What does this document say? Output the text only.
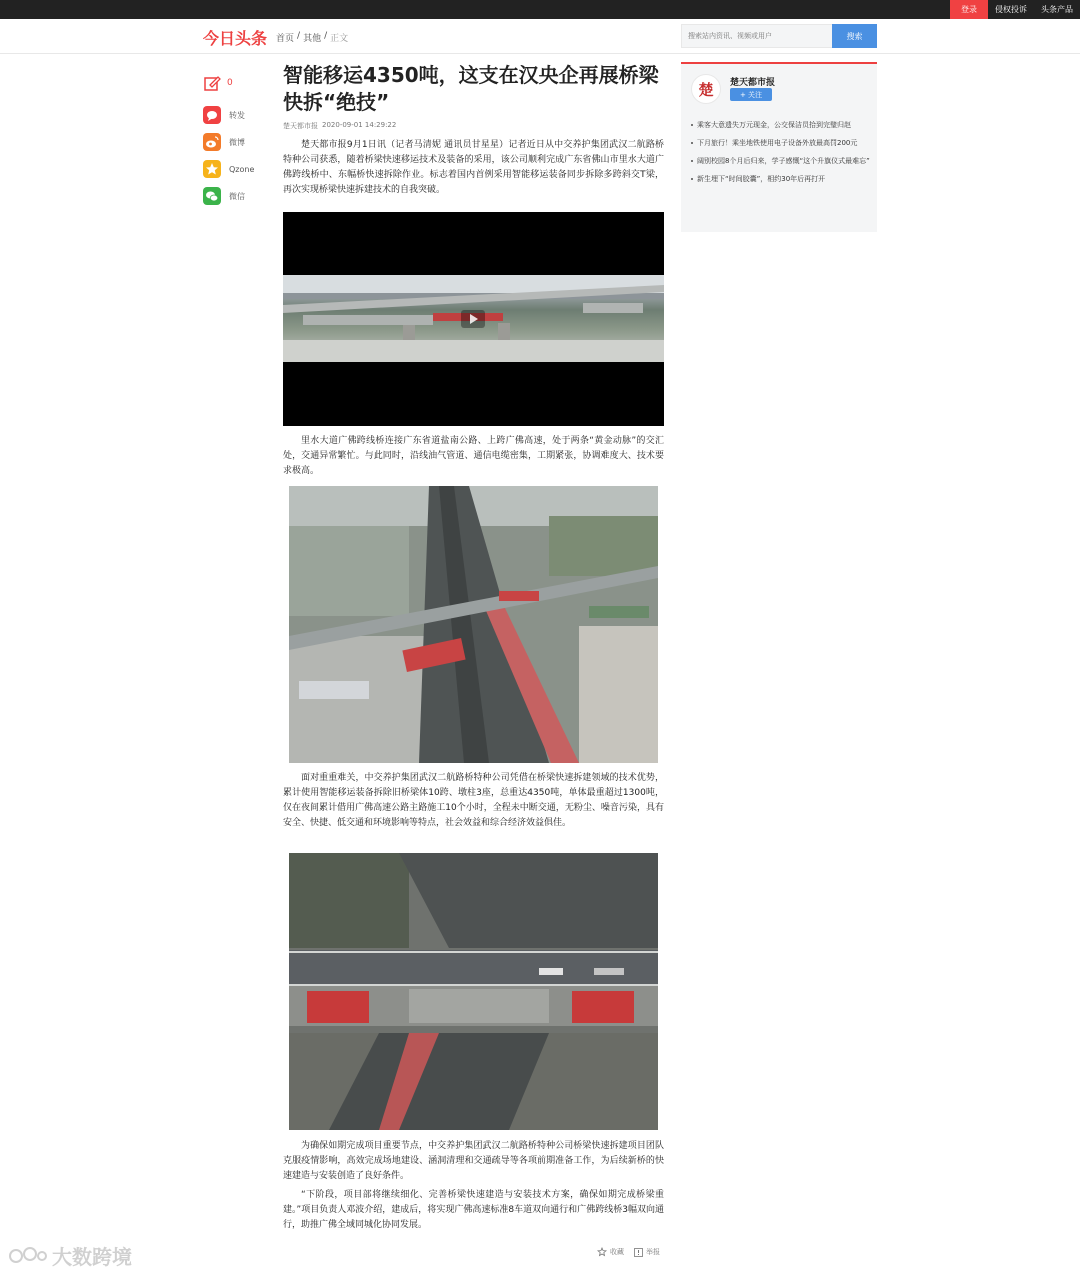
登录	侵权投诉	头条产品
今日头条 首页 / 其他 / 正文
搜索站内资讯、视频或用户	搜索
0
转发
微博
Qzone
微信
智能移运4350吨，这支在汉央企再展桥梁快拆“绝技”
楚天都市报 2020-09-01 14:29:22

楚天都市报9月1日讯（记者马清妮 通讯员甘星星）记者近日从中交养护集团武汉二航路桥特种公司获悉，随着桥梁快速移运技术及装备的采用，该公司顺利完成广东省佛山市里水大道广佛跨线桥中、东幅桥快速拆除作业。标志着国内首例采用智能移运装备同步拆除多跨斜交T梁，再次实现桥梁快速拆建技术的自我突破。

里水大道广佛跨线桥连接广东省道盐南公路、上跨广佛高速，处于两条“黄金动脉”的交汇处，交通异常繁忙。与此同时，沿线油气管道、通信电缆密集，工期紧张，协调难度大、技术要求极高。

面对重重难关，中交养护集团武汉二航路桥特种公司凭借在桥梁快速拆建领域的技术优势，累计使用智能移运装备拆除旧桥梁体10跨、墩柱3座，总重达4350吨，单体最重超过1300吨，仅在夜间累计借用广佛高速公路主路施工10个小时，全程未中断交通，无粉尘、噪音污染，具有安全、快捷、低交通和环境影响等特点，社会效益和综合经济效益俱佳。

为确保如期完成项目重要节点，中交养护集团武汉二航路桥特种公司桥梁快速拆建项目团队克服疫情影响，高效完成场地建设、涵洞清理和交通疏导等各项前期准备工作，为后续新桥的快速建造与安装创造了良好条件。

“下阶段，项目部将继续细化、完善桥梁快速建造与安装技术方案，确保如期完成桥梁重建。”项目负责人邓波介绍，建成后，将实现广佛高速标准8车道双向通行和广佛跨线桥3幅双向通行，助推广佛全域同城化协同发展。

收藏	举报
楚	楚天都市报
+ 关注
乘客大意遗失万元现金，公交保洁员拾到完璧归赵
下月旅行！乘坐地铁使用电子设备外放最高罚200元
阔别校园8个月后归来，学子感慨“这个升旗仪式最难忘”
新生埋下“时间胶囊”，相约30年后再打开
大数跨境
